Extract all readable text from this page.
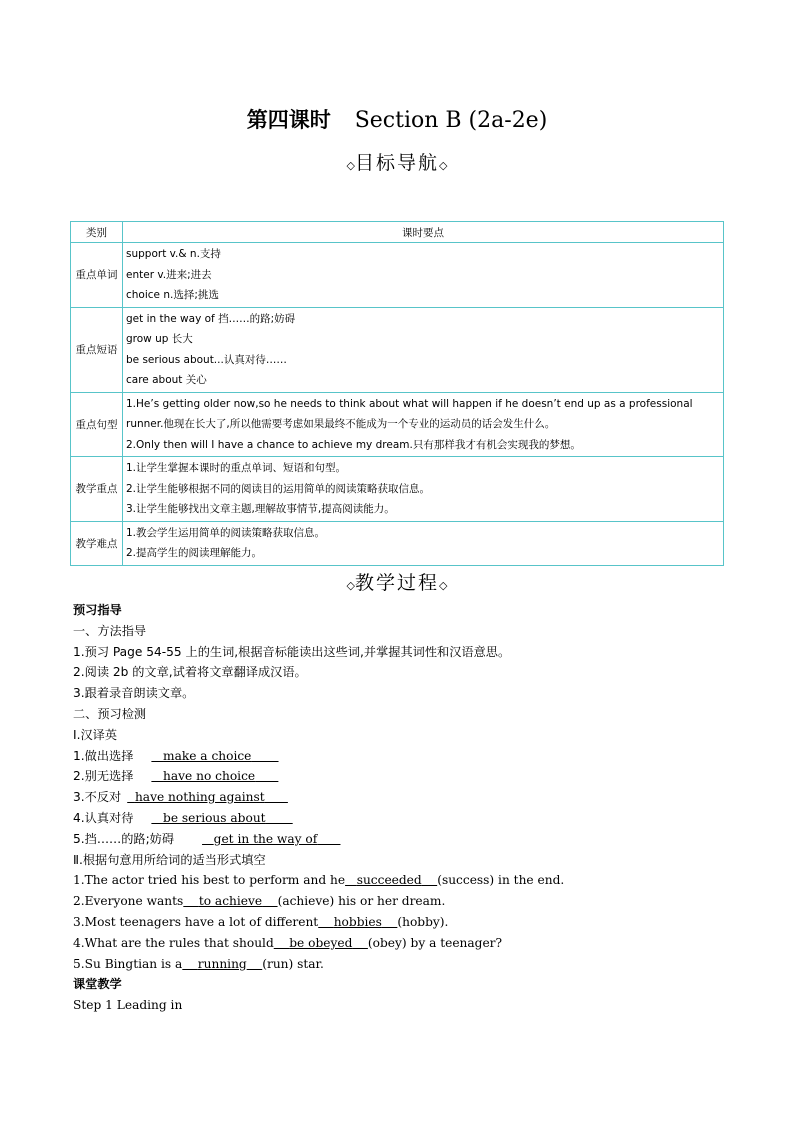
第四课时 Section B (2a-2e)
◇目标导航◇
类别	课时要点
重点单词	support v.& n.支持
enter v.进来;进去
choice n.选择;挑选

重点短语	get in the way of 挡……的路;妨碍
grow up 长大
be serious about...认真对待……
care about 关心

重点句型	1.He’s getting older now,so he needs to think about what will happen if he doesn’t end up as a professional runner.他现在长大了,所以他需要考虑如果最终不能成为一个专业的运动员的话会发生什么。
2.Only then will I have a chance to achieve my dream.只有那样我才有机会实现我的梦想。

教学重点	1.让学生掌握本课时的重点单词、短语和句型。
2.让学生能够根据不同的阅读目的运用简单的阅读策略获取信息。
3.让学生能够找出文章主题,理解故事情节,提高阅读能力。

教学难点	1.教会学生运用简单的阅读策略获取信息。
2.提高学生的阅读理解能力。
◇教学过程◇
预习指导
一、方法指导
1.预习 Page 54-55 上的生词,根据音标能读出这些词,并掌握其词性和汉语意思。
2.阅读 2b 的文章,试着将文章翻译成汉语。
3.跟着录音朗读文章。
二、预习检测
Ⅰ.汉译英
1.做出选择 make a choice
2.别无选择 have no choice
3.不反对 have nothing against
4.认真对待 be serious about
5.挡……的路;妨碍	get in the way of
Ⅱ.根据句意用所给词的适当形式填空
1.The actor tried his best to perform and he succeeded (success) in the end.
2.Everyone wants to achieve (achieve) his or her dream.
3.Most teenagers have a lot of different hobbies (hobby).
4.What are the rules that should be obeyed (obey) by a teenager?
5.Su Bingtian is a running (run) star.
课堂教学
Step 1 Leading in
